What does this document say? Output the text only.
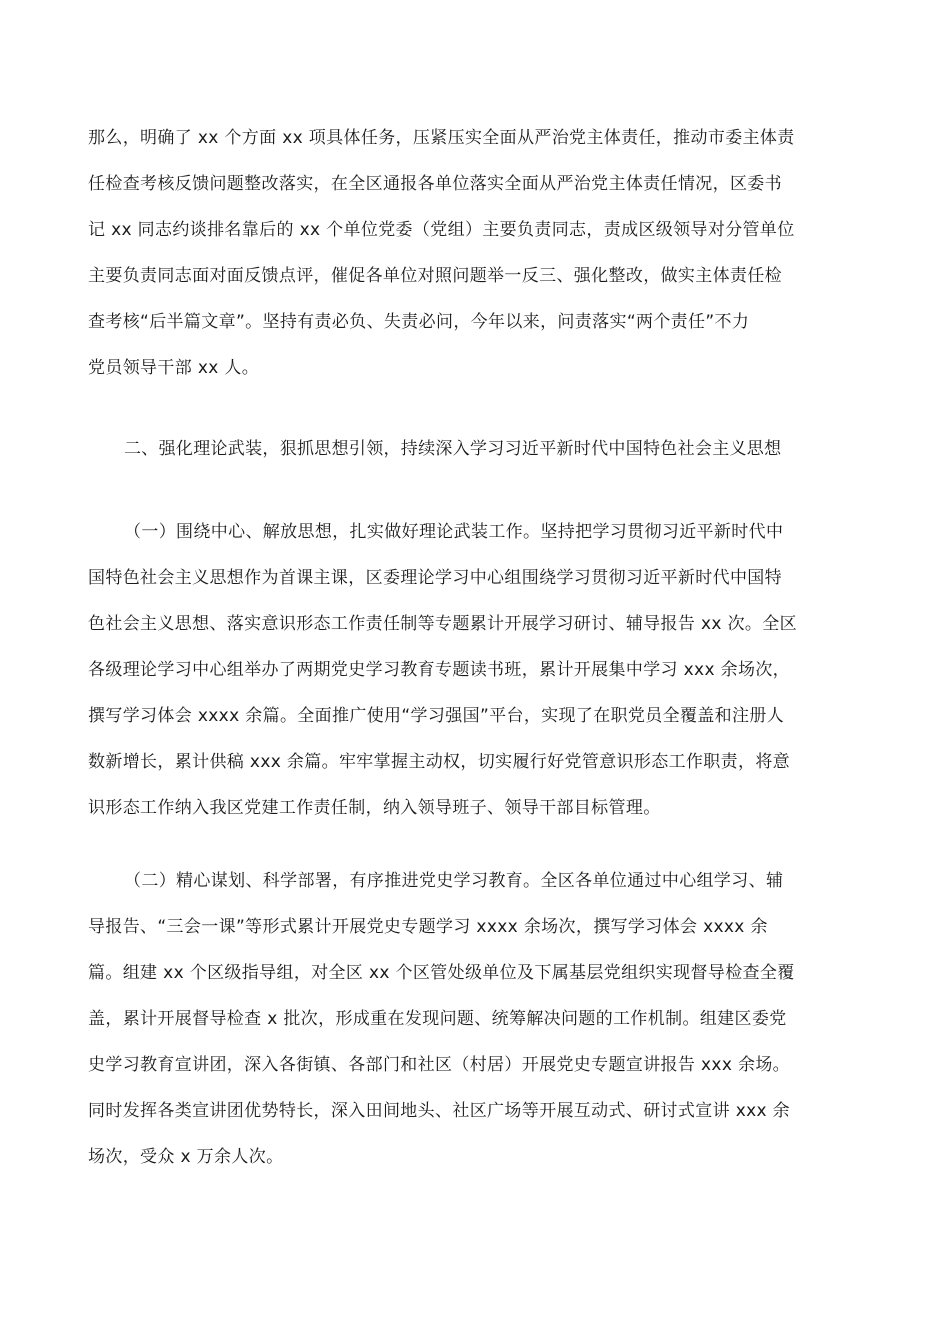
那么，明确了 xx 个方面 xx 项具体任务，压紧压实全面从严治党主体责任，推动市委主体责
任检查考核反馈问题整改落实，在全区通报各单位落实全面从严治党主体责任情况，区委书
记 xx 同志约谈排名靠后的 xx 个单位党委（党组）主要负责同志，责成区级领导对分管单位
主要负责同志面对面反馈点评，催促各单位对照问题举一反三、强化整改，做实主体责任检
查考核“后半篇文章”。坚持有责必负、失责必问，今年以来，问责落实“两个责任”不力
党员领导干部 xx 人。
二、强化理论武装，狠抓思想引领，持续深入学习习近平新时代中国特色社会主义思想
（一）围绕中心、解放思想，扎实做好理论武装工作。坚持把学习贯彻习近平新时代中
国特色社会主义思想作为首课主课，区委理论学习中心组围绕学习贯彻习近平新时代中国特
色社会主义思想、落实意识形态工作责任制等专题累计开展学习研讨、辅导报告 xx 次。全区
各级理论学习中心组举办了两期党史学习教育专题读书班，累计开展集中学习 xxx 余场次，
撰写学习体会 xxxx 余篇。全面推广使用“学习强国”平台，实现了在职党员全覆盖和注册人
数新增长，累计供稿 xxx 余篇。牢牢掌握主动权，切实履行好党管意识形态工作职责，将意
识形态工作纳入我区党建工作责任制，纳入领导班子、领导干部目标管理。
（二）精心谋划、科学部署，有序推进党史学习教育。全区各单位通过中心组学习、辅
导报告、“三会一课”等形式累计开展党史专题学习 xxxx 余场次，撰写学习体会 xxxx 余
篇。组建 xx 个区级指导组，对全区 xx 个区管处级单位及下属基层党组织实现督导检查全覆
盖，累计开展督导检查 x 批次，形成重在发现问题、统筹解决问题的工作机制。组建区委党
史学习教育宣讲团，深入各街镇、各部门和社区（村居）开展党史专题宣讲报告 xxx 余场。
同时发挥各类宣讲团优势特长，深入田间地头、社区广场等开展互动式、研讨式宣讲 xxx 余
场次，受众 x 万余人次。
